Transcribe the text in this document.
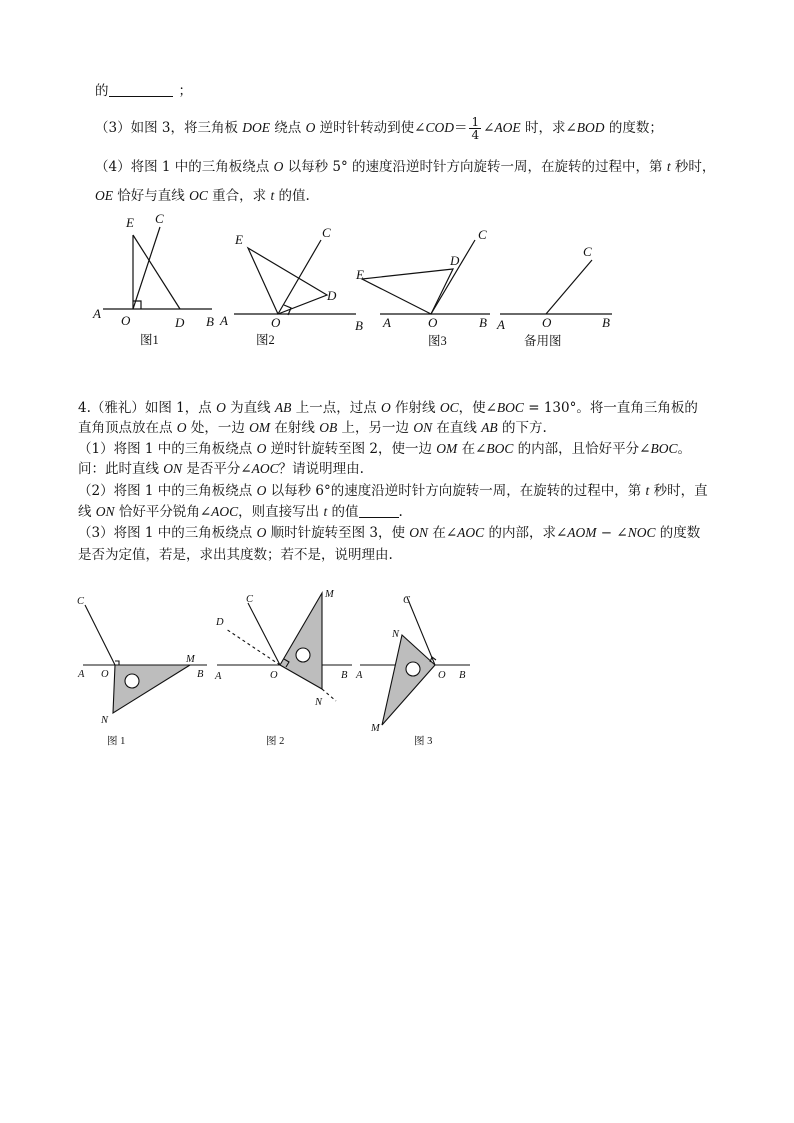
的	；
（3）如图 3，将三角板 DOE 绕点 O 逆时针转动到使∠COD＝ $\frac{1}{4}$ ∠AOE 时，求∠BOD 的度数；
（4）将图 1 中的三角板绕点 O 以每秒 5° 的速度沿逆时针方向旋转一周，在旋转的过程中，第 t 秒时，
OE 恰好与直线 OC 重合，求 t 的值.
E C
A O	D B
E	C
D
A	O	B
E
D
C
A	O	B
C
A	O	B
图1	图2	图3	备用图
4.（雅礼）如图 1，点 O 为直线 AB 上一点，过点 O 作射线 OC，使∠BOC = 130°。将一直角三角板的
直角顶点放在点 O 处，一边 OM 在射线 OB 上，另一边 ON 在直线 AB 的下方.
（1）将图 1 中的三角板绕点 O 逆时针旋转至图 2，使一边 OM 在∠BOC 的内部，且恰好平分∠BOC。
问：此时直线 ON 是否平分∠AOC？请说明理由.
（2）将图 1 中的三角板绕点 O 以每秒 6°的速度沿逆时针方向旋转一周，在旋转的过程中，第 t 秒时，直
线 ON 恰好平分锐角∠AOC，则直接写出 t 的值	.
（3）将图 1 中的三角板绕点 O 顺时针旋转至图 3，使 ON 在∠AOC 的内部，求∠AOM − ∠NOC 的度数
是否为定值，若是，求出其度数；若不是，说明理由.
C
A O
M
B
N
C
D
M
A	O	B
N
C
N
A	O B
M
图 1	图 2	图 3
